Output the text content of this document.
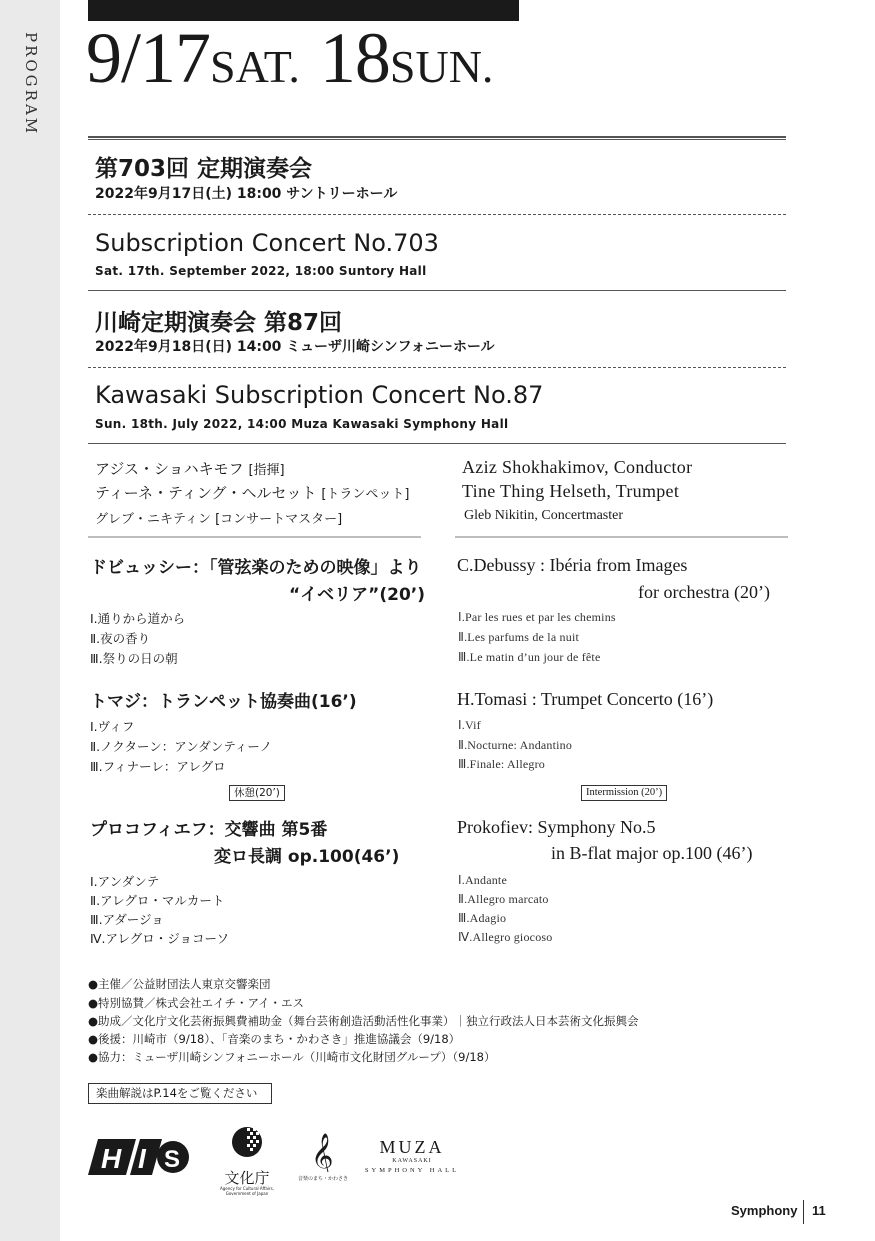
PROGRAM 9/17SAT. 18SUN.
第703回 定期演奏会
2022年9月17日(土) 18:00 サントリーホール
Subscription Concert No.703
Sat. 17th. September 2022, 18:00 Suntory Hall
川崎定期演奏会 第87回
2022年9月18日(日) 14:00 ミューザ川崎シンフォニーホール
Kawasaki Subscription Concert No.87
Sun. 18th. July 2022, 14:00 Muza Kawasaki Symphony Hall
アジス・ショハキモフ [指揮]
ティーネ・ティング・ヘルセット [トランペット]
グレブ・ニキティン [コンサートマスター]
Aziz Shokhakimov, Conductor
Tine Thing Helseth, Trumpet
Gleb Nikitin, Concertmaster
ドビュッシー：「管弦楽のための映像」より
“イベリア”(20’)
C.Debussy : Ibéria from Images
for orchestra (20’)
Ⅰ.通りから道から
Ⅱ.夜の香り
Ⅲ.祭りの日の朝
Ⅰ.Par les rues et par les chemins
Ⅱ.Les parfums de la nuit
Ⅲ.Le matin d’un jour de fête
トマジ：トランペット協奏曲(16’)	H.Tomasi : Trumpet Concerto (16’)
Ⅰ.ヴィフ
Ⅱ.ノクターン：アンダンティーノ
Ⅲ.フィナーレ：アレグロ
Ⅰ.Vif
Ⅱ.Nocturne: Andantino
Ⅲ.Finale: Allegro
休憩(20’)	Intermission (20’)
プロコフィエフ：交響曲 第5番
変ロ長調 op.100(46’)
Prokofiev: Symphony No.5
in B-flat major op.100 (46’)
Ⅰ.アンダンテ
Ⅱ.アレグロ・マルカート
Ⅲ.アダージョ
Ⅳ.アレグロ・ジョコーソ
Ⅰ.Andante
Ⅱ.Allegro marcato
Ⅲ.Adagio
Ⅳ.Allegro giocoso
●主催／公益財団法人東京交響楽団
●特別協賛／株式会社エイチ・アイ・エス
●助成／文化庁文化芸術振興費補助金（舞台芸術創造活動活性化事業）｜独立行政法人日本芸術文化振興会
●後援：川崎市（9/18）、「音楽のまち・かわさき」推進協議会（9/18）
●協力：ミューザ川崎シンフォニーホール（川崎市文化財団グループ）（9/18）
楽曲解説はP.14をご覧ください
H I S
文化庁
Agency for Cultural Affairs, Government of Japan
𝄞
音楽のまち・かわさき
MUZA
KAWASAKI
SYMPHONY HALL
Symphony 11
